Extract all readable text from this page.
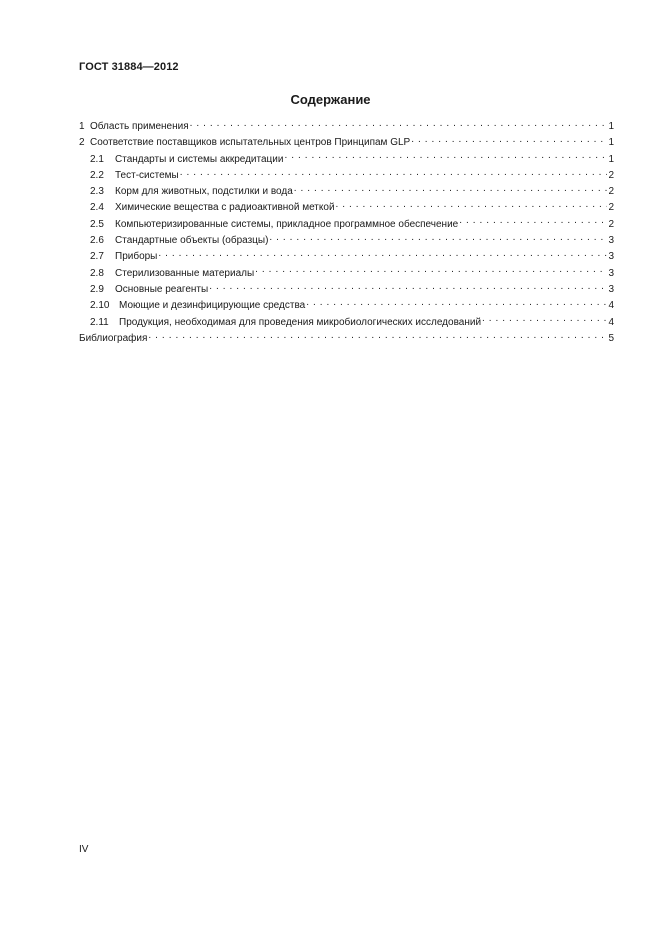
ГОСТ 31884—2012
Содержание
1 Область применения . . .	1
2 Соответствие поставщиков испытательных центров Принципам GLP . . .	1
2.1	Стандарты и системы аккредитации . . .	1
2.2	Тест-системы . . .	2
2.3	Корм для животных, подстилки и вода . . .	2
2.4	Химические вещества с радиоактивной меткой . . .	2
2.5	Компьютеризированные системы, прикладное программное обеспечение . . .	2
2.6	Стандартные объекты (образцы) . . .	3
2.7	Приборы . . .	3
2.8	Стерилизованные материалы . . .	3
2.9	Основные реагенты . . .	3
2.10 Моющие и дезинфицирующие средства . . .	4
2.11	Продукция, необходимая для проведения микробиологических исследований . . .	4
Библиография . . .	5
IV
